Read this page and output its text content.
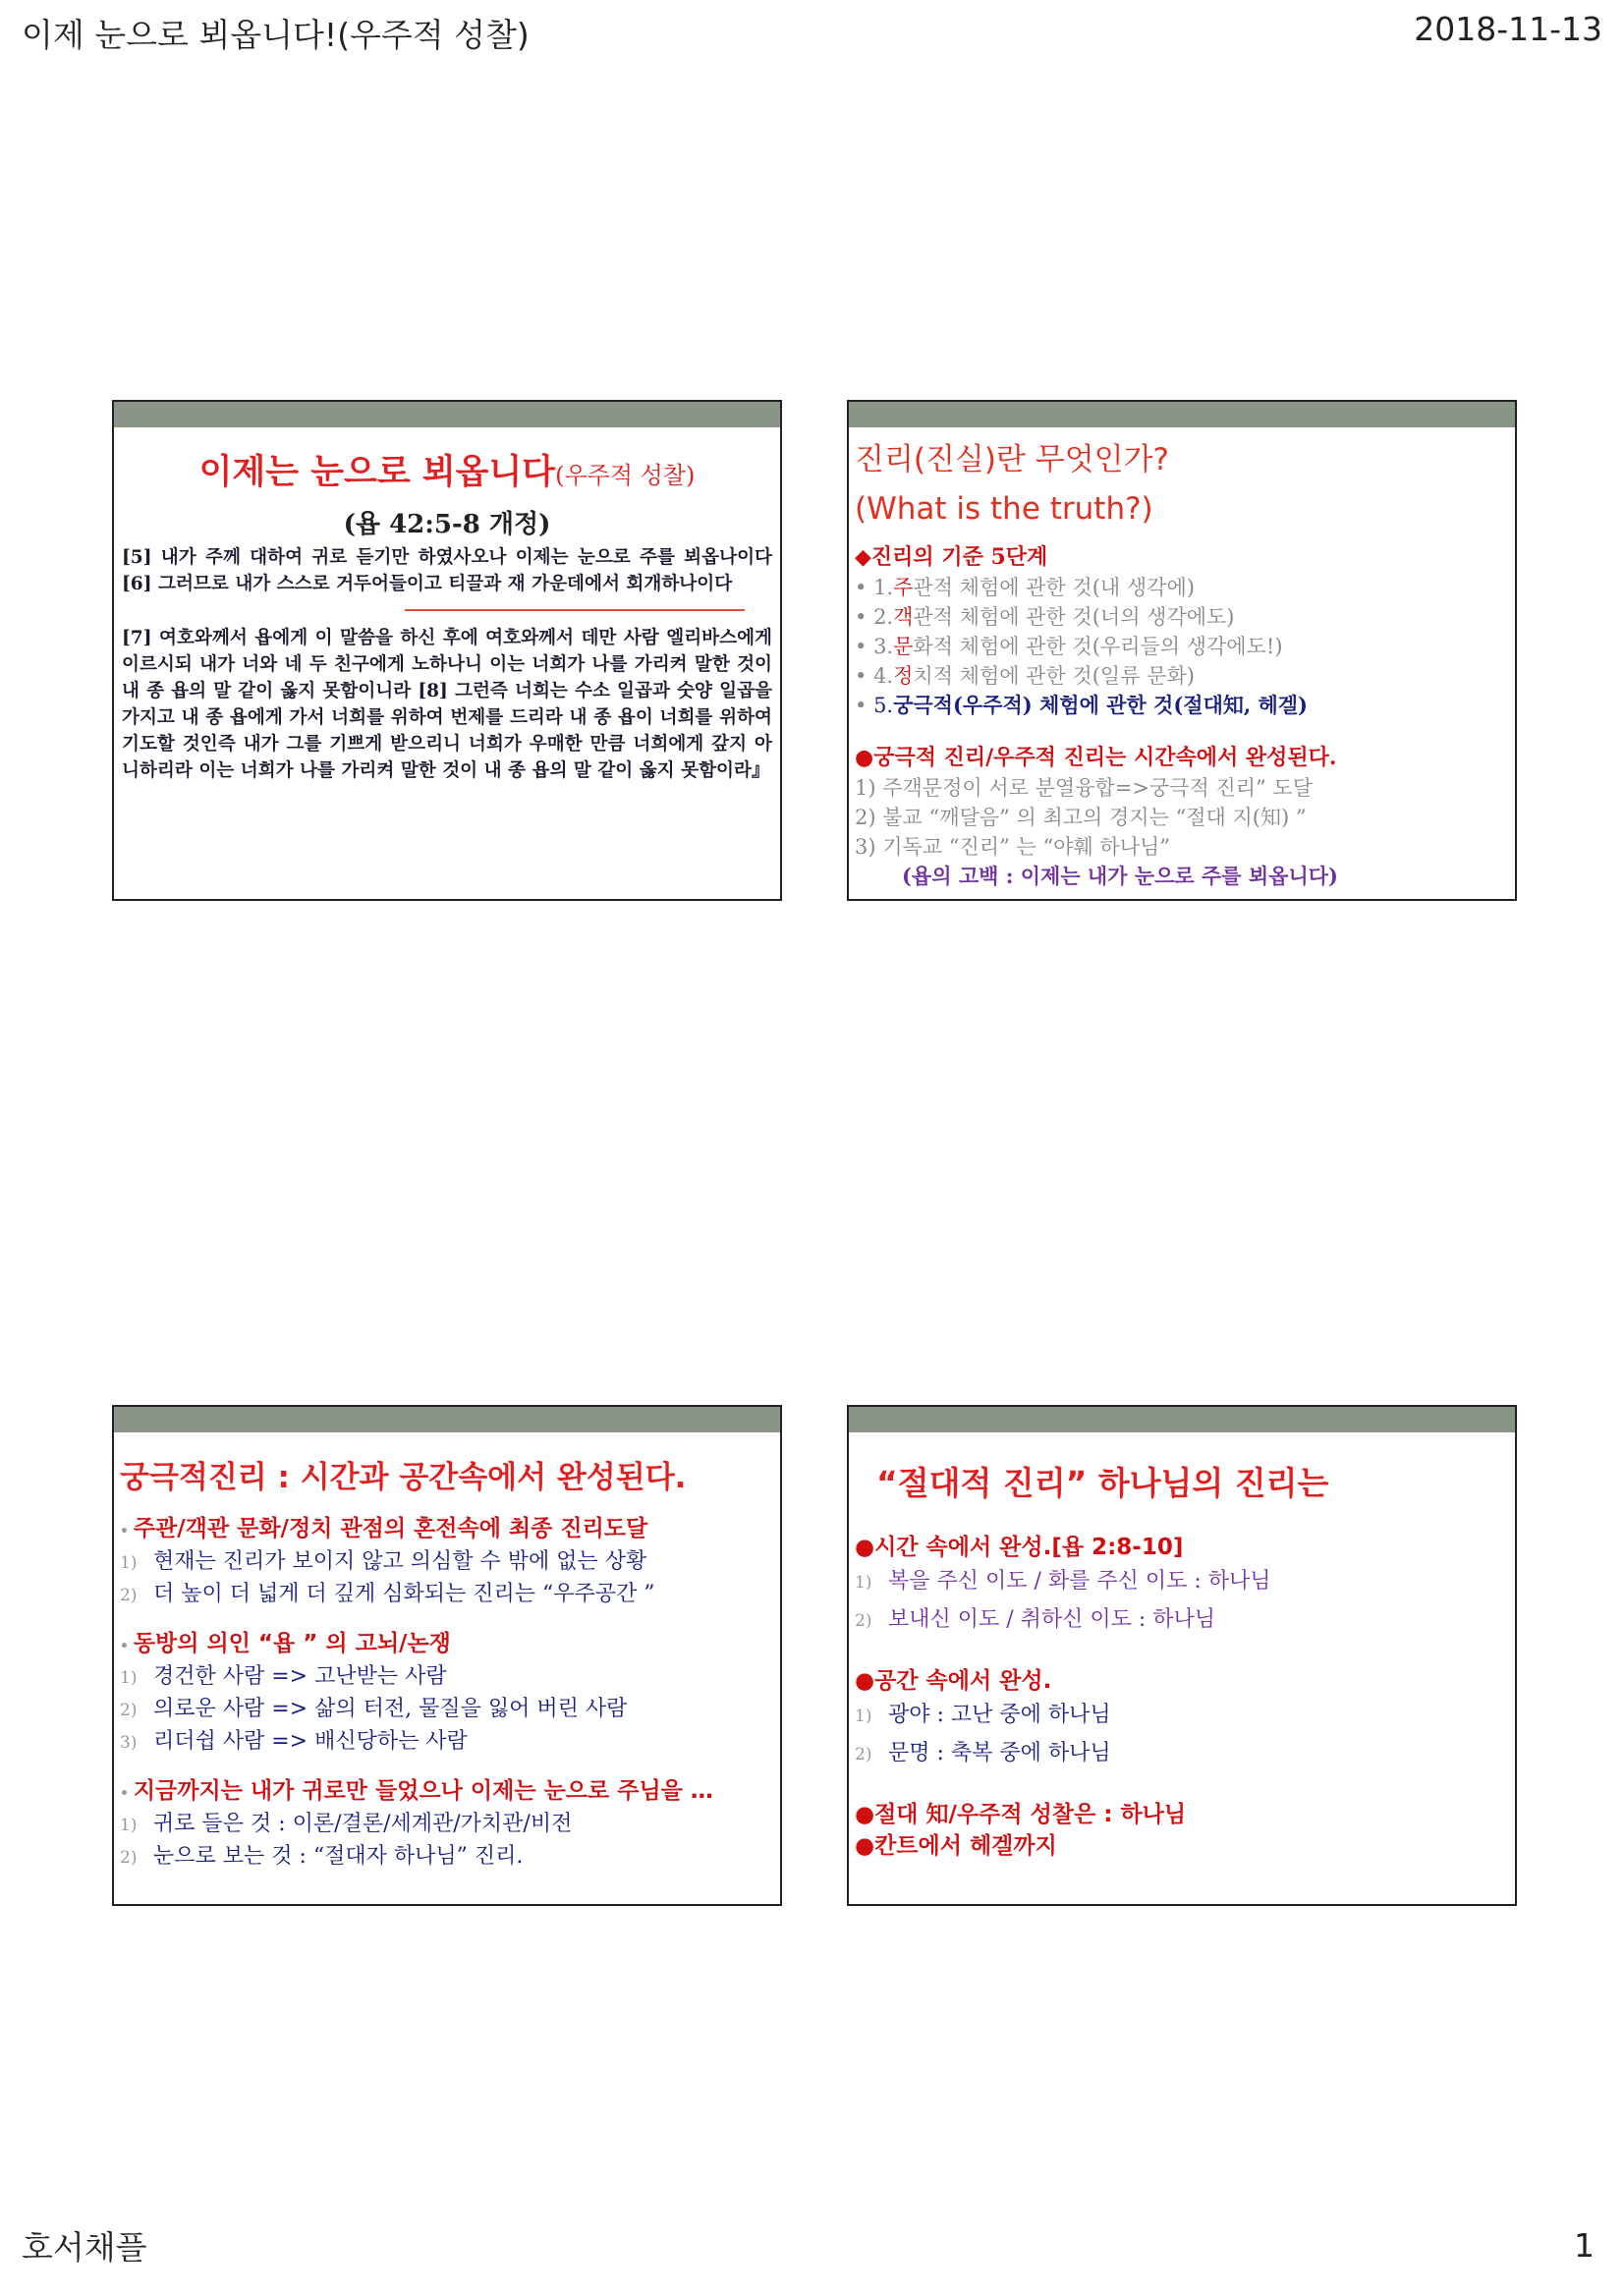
이제 눈으로 뵈옵니다!(우주적 성찰)	2018-11-13
이제는 눈으로 뵈옵니다(우주적 성찰)
(욥 42:5-8 개정)
[5] 내가 주께 대하여 귀로 듣기만 하였사오나 이제는 눈으로 주를 뵈옵나이다 [6] 그러므로 내가 스스로 거두어들이고 티끌과 재 가운데에서 회개하나이다
[7] 여호와께서 욥에게 이 말씀을 하신 후에 여호와께서 데만 사람 엘리바스에게 이르시되 내가 너와 네 두 친구에게 노하나니 이는 너희가 나를 가리켜 말한 것이 내 종 욥의 말 같이 옳지 못함이니라 [8] 그런즉 너희는 수소 일곱과 숫양 일곱을 가지고 내 종 욥에게 가서 너희를 위하여 번제를 드리라 내 종 욥이 너희를 위하여 기도할 것인즉 내가 그를 기쁘게 받으리니 너희가 우매한 만큼 너희에게 갚지 아니하리라 이는 너희가 나를 가리켜 말한 것이 내 종 욥의 말 같이 옳지 못함이라』
진리(진실)란 무엇인가?
(What is the truth?)
◆진리의 기준 5단계
• 1.주관적 체험에 관한 것(내 생각에)
• 2.객관적 체험에 관한 것(너의 생각에도)
• 3.문화적 체험에 관한 것(우리들의 생각에도!)
• 4.정치적 체험에 관한 것(일류 문화)
• 5.궁극적(우주적) 체험에 관한 것(절대知, 헤겔)
●궁극적 진리/우주적 진리는 시간속에서 완성된다.
1) 주객문정이 서로 분열융합=>궁극적 진리” 도달
2) 불교 “깨달음” 의 최고의 경지는 “절대 지(知) ”
3) 기독교 “진리” 는 “야훼 하나님”
(욥의 고백 : 이제는 내가 눈으로 주를 뵈옵니다)
궁극적진리 : 시간과 공간속에서 완성된다.
• 주관/객관 문화/정치 관점의 혼전속에 최종 진리도달
1) 현재는 진리가 보이지 않고 의심할 수 밖에 없는 상황
2) 더 높이 더 넓게 더 깊게 심화되는 진리는 “우주공간 ”
• 동방의 의인 “욥 ” 의 고뇌/논쟁
1) 경건한 사람 => 고난받는 사람
2) 의로운 사람 => 삶의 터전, 물질을 잃어 버린 사람
3) 리더쉽 사람 => 배신당하는 사람
• 지금까지는 내가 귀로만 들었으나 이제는 눈으로 주님을 …
1) 귀로 들은 것 : 이론/결론/세계관/가치관/비전
2) 눈으로 보는 것 : “절대자 하나님” 진리.
“절대적 진리” 하나님의 진리는
●시간 속에서 완성.[욥 2:8-10]
1) 복을 주신 이도 / 화를 주신 이도 : 하나님
2) 보내신 이도 / 취하신 이도 : 하나님
●공간 속에서 완성.
1) 광야 : 고난 중에 하나님
2) 문명 : 축복 중에 하나님
●절대 知/우주적 성찰은 : 하나님
●칸트에서 헤겔까지
호서채플	1
